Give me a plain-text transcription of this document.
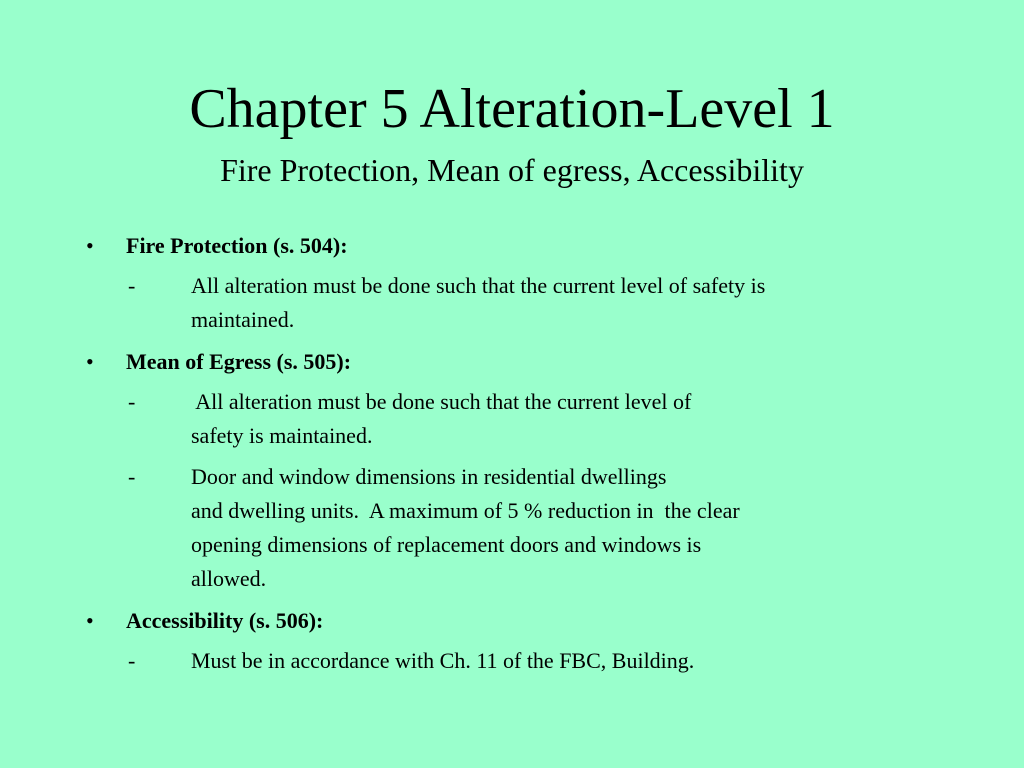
Chapter 5 Alteration-Level 1
Fire Protection, Mean of egress, Accessibility
• Fire Protection (s. 504):
-	All alteration must be done such that the current level of safety is
maintained.
• Mean of Egress (s. 505):
-	All alteration must be done such that the current level of
safety is maintained.
-	Door and window dimensions in residential dwellings
and dwelling units.  A maximum of 5 % reduction in  the clear
opening dimensions of replacement doors and windows is
allowed.
• Accessibility (s. 506):
-	Must be in accordance with Ch. 11 of the FBC, Building.
